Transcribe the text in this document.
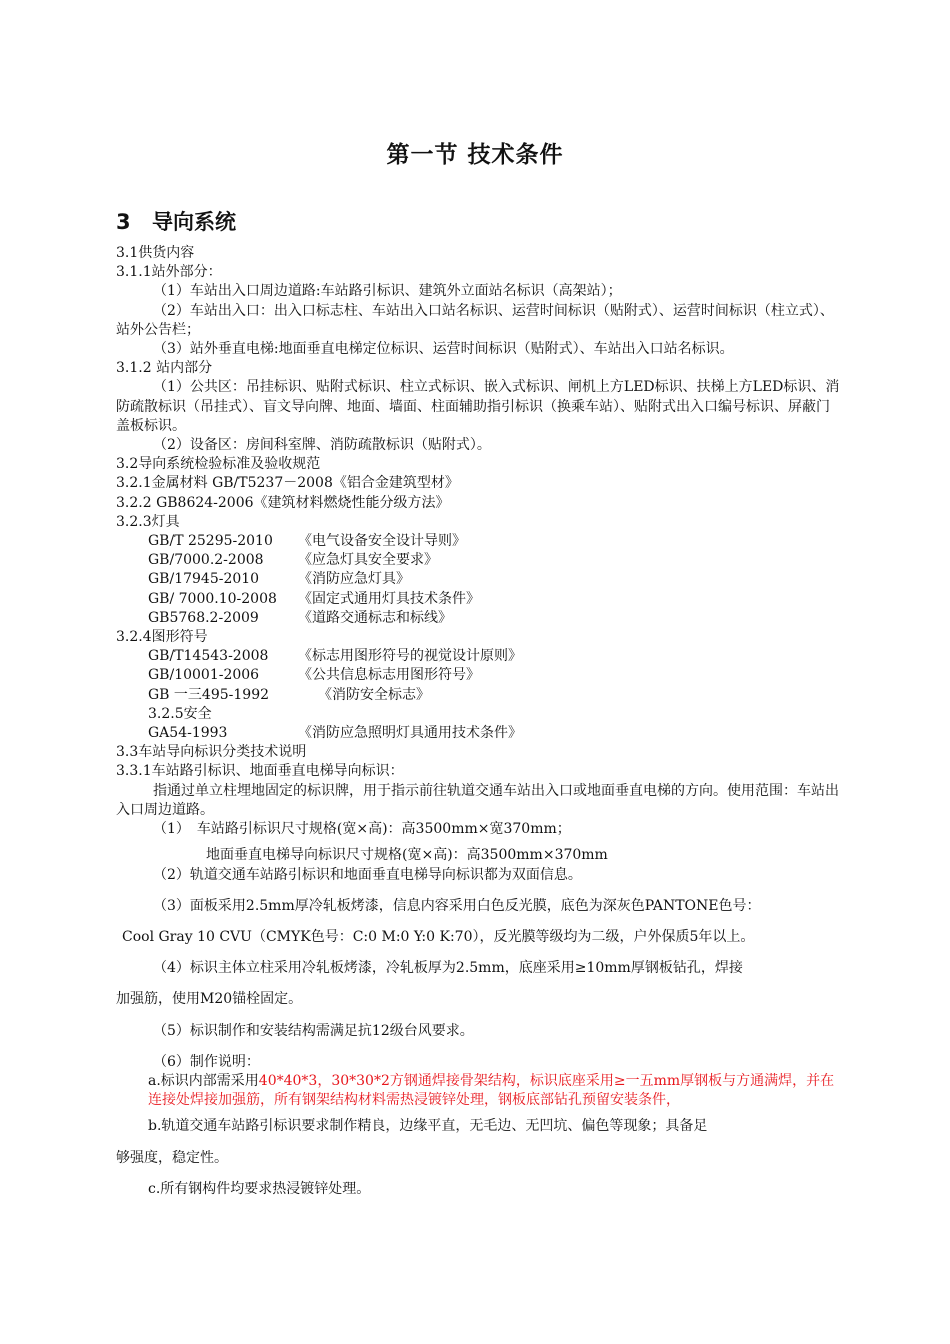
第一节 技术条件
3 导向系统

3.1供货内容

3.1.1站外部分：

（1）车站出入口周边道路:车站路引标识、建筑外立面站名标识（高架站）；

（2）车站出入口：出入口标志柱、车站出入口站名标识、运营时间标识（贴附式）、运营时间标识（柱立式）、站外公告栏；

（3）站外垂直电梯:地面垂直电梯定位标识、运营时间标识（贴附式）、车站出入口站名标识。

3.1.2 站内部分

（1）公共区：吊挂标识、贴附式标识、柱立式标识、嵌入式标识、闸机上方LED标识、扶梯上方LED标识、消防疏散标识（吊挂式）、盲文导向牌、地面、墙面、柱面辅助指引标识（换乘车站）、贴附式出入口编号标识、屏蔽门盖板标识。

（2）设备区：房间科室牌、消防疏散标识（贴附式）。

3.2导向系统检验标准及验收规范

3.2.1金属材料 GB/T5237－2008《铝合金建筑型材》

3.2.2 GB8624-2006《建筑材料燃烧性能分级方法》

3.2.3灯具

GB/T 25295-2010 《电气设备安全设计导则》

GB/7000.2-2008 《应急灯具安全要求》

GB/17945-2010	《消防应急灯具》

GB/ 7000.10-2008 《固定式通用灯具技术条件》

GB5768.2-2009	《道路交通标志和标线》

3.2.4图形符号

GB/T14543-2008 《标志用图形符号的视觉设计原则》

GB/10001-2006	《公共信息标志用图形符号》

GB 一三495-1992	《消防安全标志》

3.2.5安全

GA54-1993	《消防应急照明灯具通用技术条件》

3.3车站导向标识分类技术说明

3.3.1车站路引标识、地面垂直电梯导向标识：

指通过单立柱埋地固定的标识牌，用于指示前往轨道交通车站出入口或地面垂直电梯的方向。使用范围：车站出入口周边道路。

（1）　车站路引标识尺寸规格(宽×高)：高3500mm×宽370mm；

地面垂直电梯导向标识尺寸规格(宽×高)：高3500mm×370mm

（2）轨道交通车站路引标识和地面垂直电梯导向标识都为双面信息。

（3）面板采用2.5mm厚冷轧板烤漆，信息内容采用白色反光膜，底色为深灰色PANTONE色号：

Cool Gray 10 CVU（CMYK色号：C:0 M:0 Y:0 K:70），反光膜等级均为二级，户外保质5年以上。

（4）标识主体立柱采用冷轧板烤漆，冷轧板厚为2.5mm，底座采用≥10mm厚钢板钻孔，焊接

加强筋，使用M20锚栓固定。

（5）标识制作和安装结构需满足抗12级台风要求。

（6）制作说明：

a.标识内部需采用40*40*3，30*30*2方钢通焊接骨架结构，标识底座采用≥一五mm厚钢板与方通满焊，并在连接处焊接加强筋，所有钢架结构材料需热浸镀锌处理，钢板底部钻孔预留安装条件，

b.轨道交通车站路引标识要求制作精良，边缘平直，无毛边、无凹坑、偏色等现象；具备足

够强度，稳定性。

c.所有钢构件均要求热浸镀锌处理。
